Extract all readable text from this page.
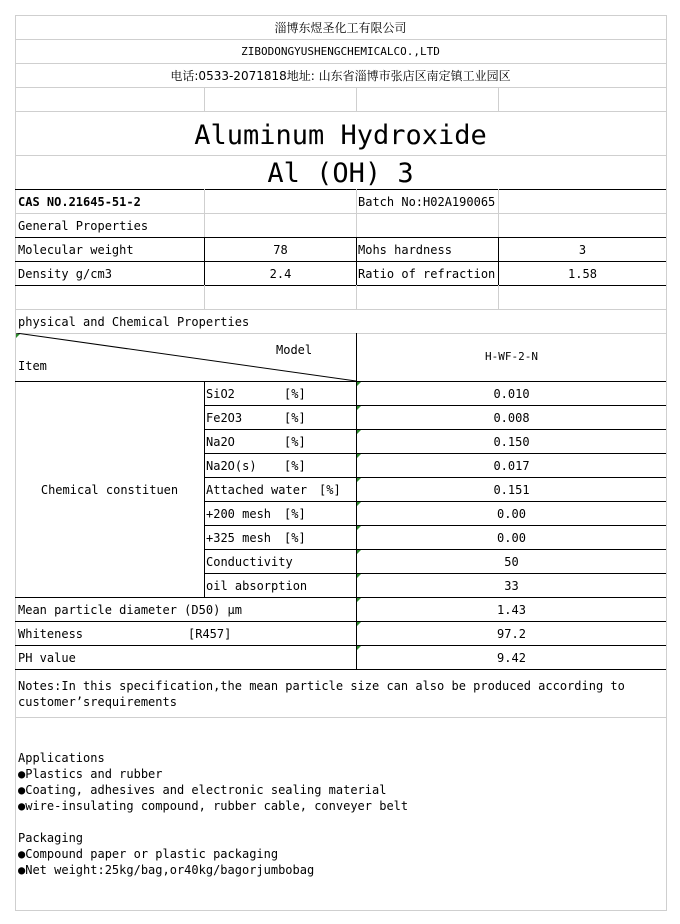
淄博东煜圣化工有限公司
ZIBODONGYUSHENGCHEMICALCO.,LTD
电话:0533-2071818地址: 山东省淄博市张店区南定镇工业园区
Aluminum Hydroxide
Al (OH) 3
CAS NO.21645-51-2	Batch No:H02A190065
General Properties
Molecular weight	78	Mohs hardness	3
Density g/cm3	2.4	Ratio of refraction	1.58
physical and Chemical Properties
Model
Item
H-WF-2-N
Chemical constituen
SiO2	[%]	0.010
Fe2O3	[%]	0.008
Na2O	[%]	0.150
Na2O(s) [%]	0.017
Attached water [%]	0.151
+200 mesh [%]	0.00
+325 mesh [%]	0.00
Conductivity	50
oil absorption	33
Mean particle diameter (D50) μm	1.43
Whiteness	[R457]	97.2
PH value	9.42
Notes:In this specification,the mean particle size can also be produced according to
customer’srequirements
Applications
●Plastics and rubber
●Coating, adhesives and electronic sealing material
●wire-insulating compound, rubber cable, conveyer belt
Packaging
●Compound paper or plastic packaging
●Net weight:25kg/bag,or40kg/bagorjumbobag
